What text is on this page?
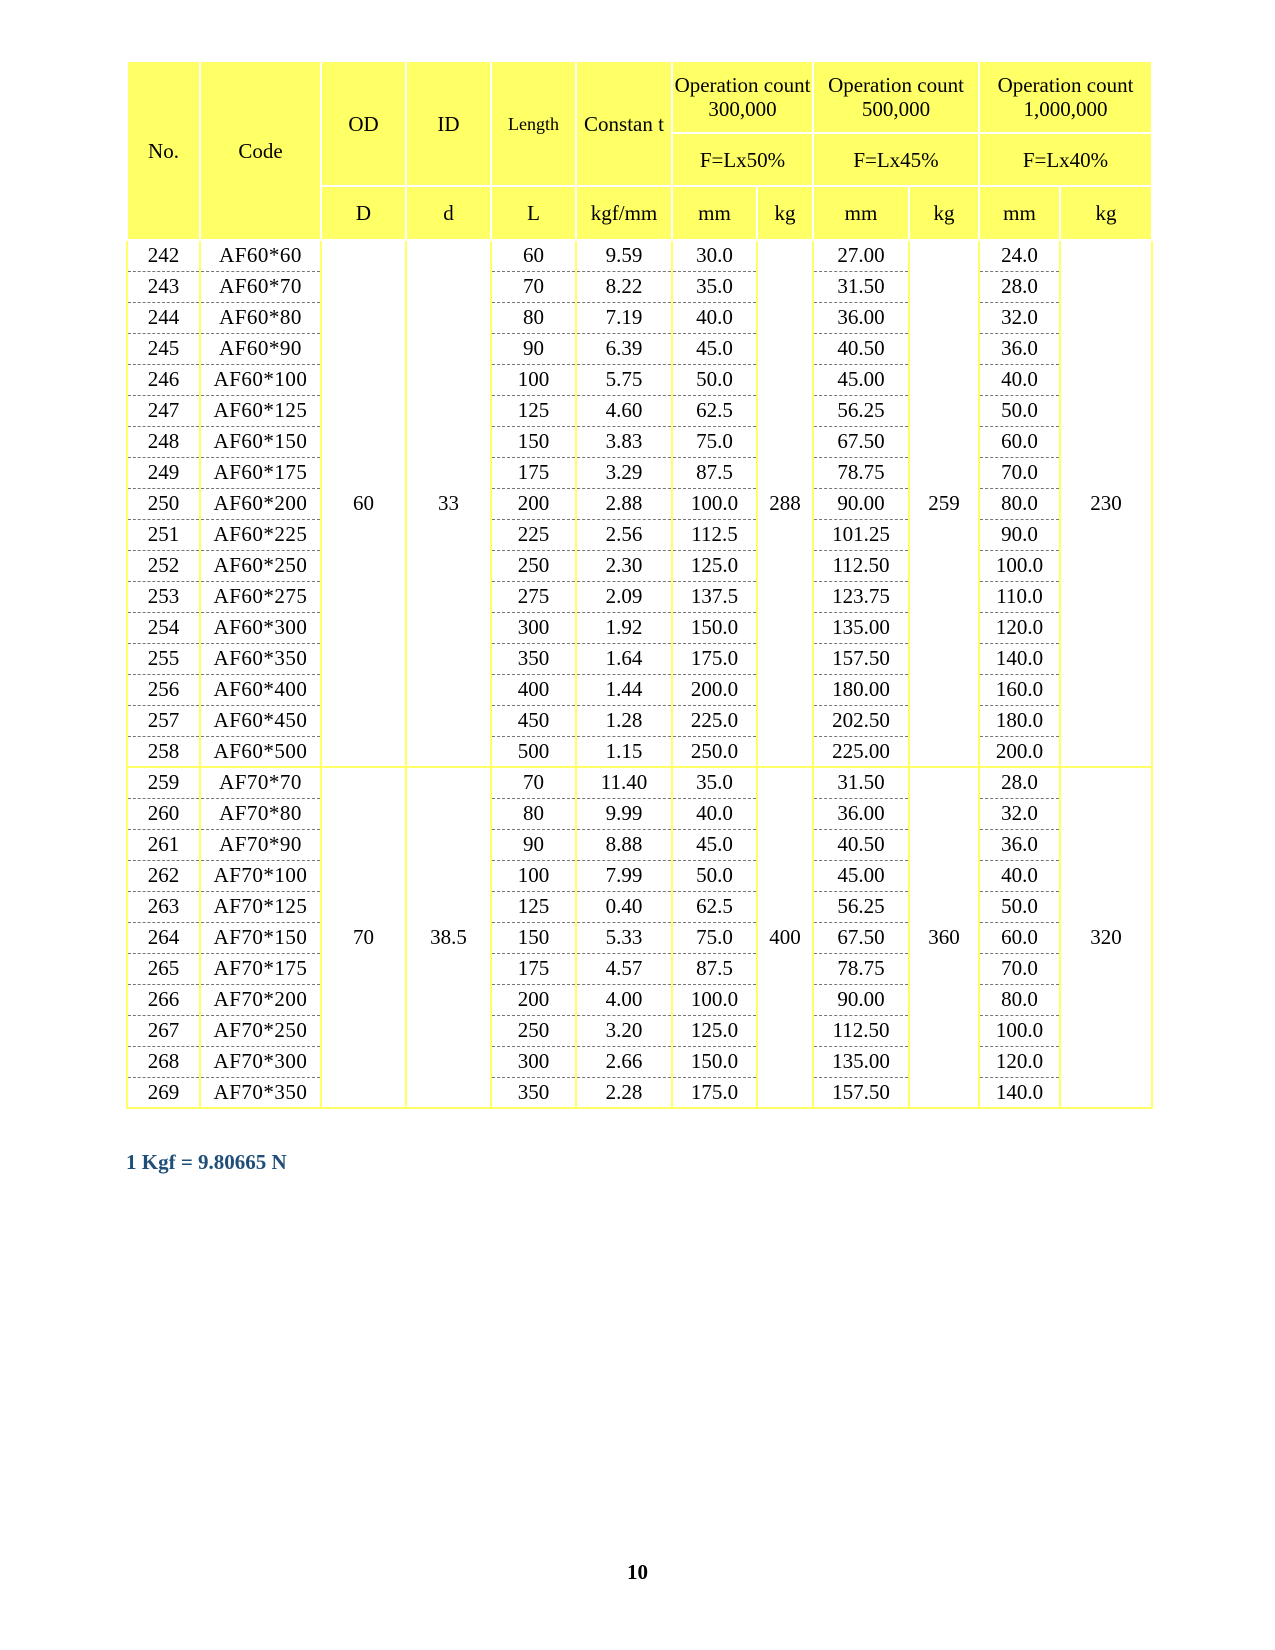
No.	Code	OD	ID	Length	Constan t	Operation count 300,000		Operation count 500,000		Operation count 1,000,000	
						F=Lx50%		F=Lx45%		F=Lx40%	
		D	d	L	kgf/mm	mm	kg	mm	kg	mm	kg
242	AF60*60	60	33	60	9.59	30.0	288	27.00	259	24.0	230
243	AF60*70			70	8.22	35.0		31.50		28.0	
244	AF60*80			80	7.19	40.0		36.00		32.0	
245	AF60*90			90	6.39	45.0		40.50		36.0	
246	AF60*100			100	5.75	50.0		45.00		40.0	
247	AF60*125			125	4.60	62.5		56.25		50.0	
248	AF60*150			150	3.83	75.0		67.50		60.0	
249	AF60*175			175	3.29	87.5		78.75		70.0	
250	AF60*200			200	2.88	100.0		90.00		80.0	
251	AF60*225			225	2.56	112.5		101.25		90.0	
252	AF60*250			250	2.30	125.0		112.50		100.0	
253	AF60*275			275	2.09	137.5		123.75		110.0	
254	AF60*300			300	1.92	150.0		135.00		120.0	
255	AF60*350			350	1.64	175.0		157.50		140.0	
256	AF60*400			400	1.44	200.0		180.00		160.0	
257	AF60*450			450	1.28	225.0		202.50		180.0	
258	AF60*500			500	1.15	250.0		225.00		200.0	
259	AF70*70	70	38.5	70	11.40	35.0	400	31.50	360	28.0	320
260	AF70*80			80	9.99	40.0		36.00		32.0	
261	AF70*90			90	8.88	45.0		40.50		36.0	
262	AF70*100			100	7.99	50.0		45.00		40.0	
263	AF70*125			125	0.40	62.5		56.25		50.0	
264	AF70*150			150	5.33	75.0		67.50		60.0	
265	AF70*175			175	4.57	87.5		78.75		70.0	
266	AF70*200			200	4.00	100.0		90.00		80.0	
267	AF70*250			250	3.20	125.0		112.50		100.0	
268	AF70*300			300	2.66	150.0		135.00		120.0	
269	AF70*350			350	2.28	175.0		157.50		140.0	
1 Kgf = 9.80665 N
10
